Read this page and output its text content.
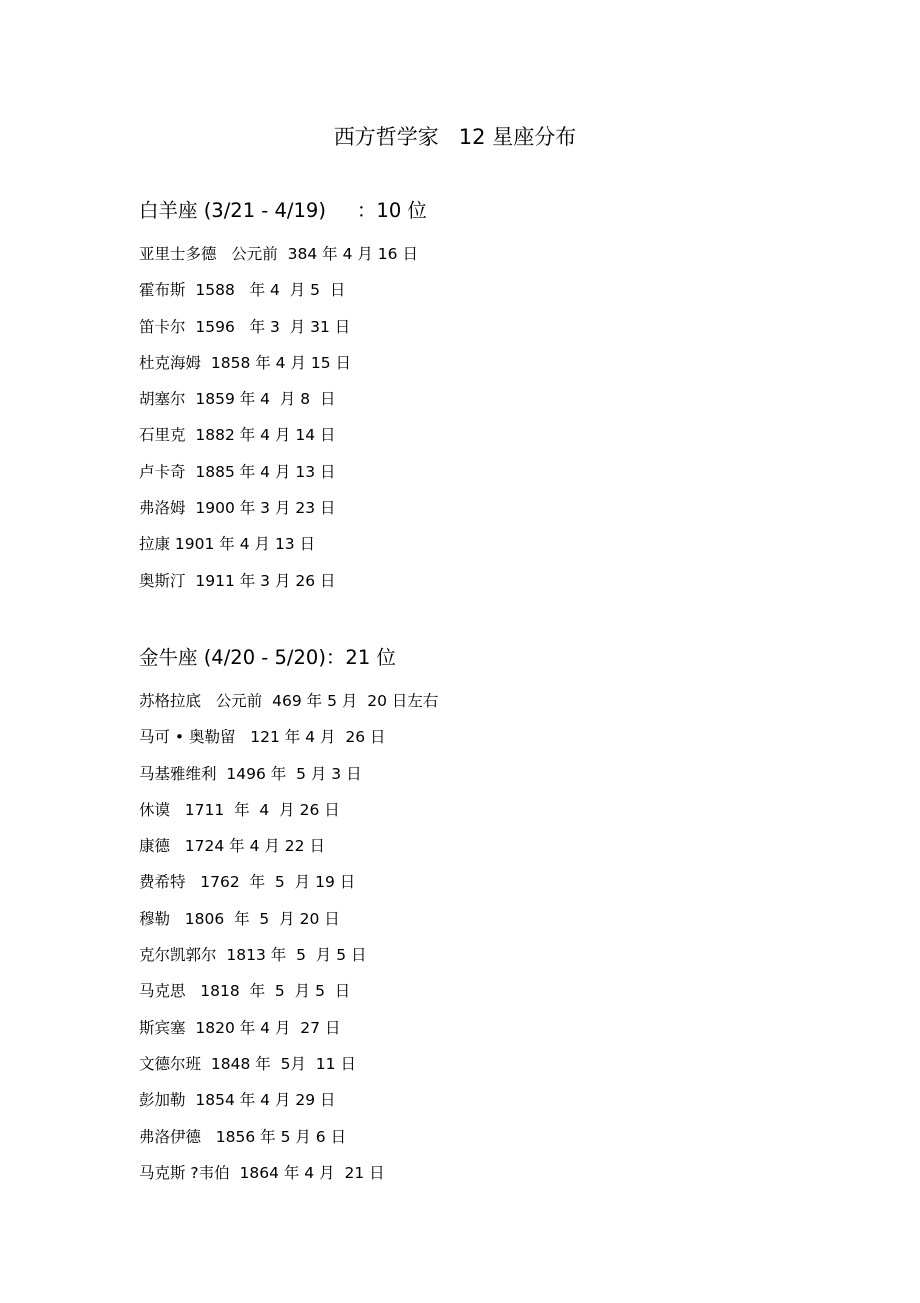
西方哲学家   12 星座分布
白羊座 (3/21 - 4/19)     ：10 位
亚里士多德   公元前  384 年 4 月 16 日
霍布斯  1588   年 4  月 5  日
笛卡尔  1596   年 3  月 31 日
杜克海姆  1858 年 4 月 15 日
胡塞尔  1859 年 4  月 8  日
石里克  1882 年 4 月 14 日
卢卡奇  1885 年 4 月 13 日
弗洛姆  1900 年 3 月 23 日
拉康 1901 年 4 月 13 日
奥斯汀  1911 年 3 月 26 日
金牛座 (4/20 - 5/20)：21 位
苏格拉底   公元前  469 年 5 月  20 日左右
马可 • 奥勒留   121 年 4 月  26 日
马基雅维利  1496 年  5 月 3 日
休谟   1711  年  4  月 26 日
康德   1724 年 4 月 22 日
费希特   1762  年  5  月 19 日
穆勒   1806  年  5  月 20 日
克尔凯郭尔  1813 年  5  月 5 日
马克思   1818  年  5  月 5  日
斯宾塞  1820 年 4 月  27 日
文德尔班  1848 年  5月  11 日
彭加勒  1854 年 4 月 29 日
弗洛伊德   1856 年 5 月 6 日
马克斯 ?韦伯  1864 年 4 月  21 日
